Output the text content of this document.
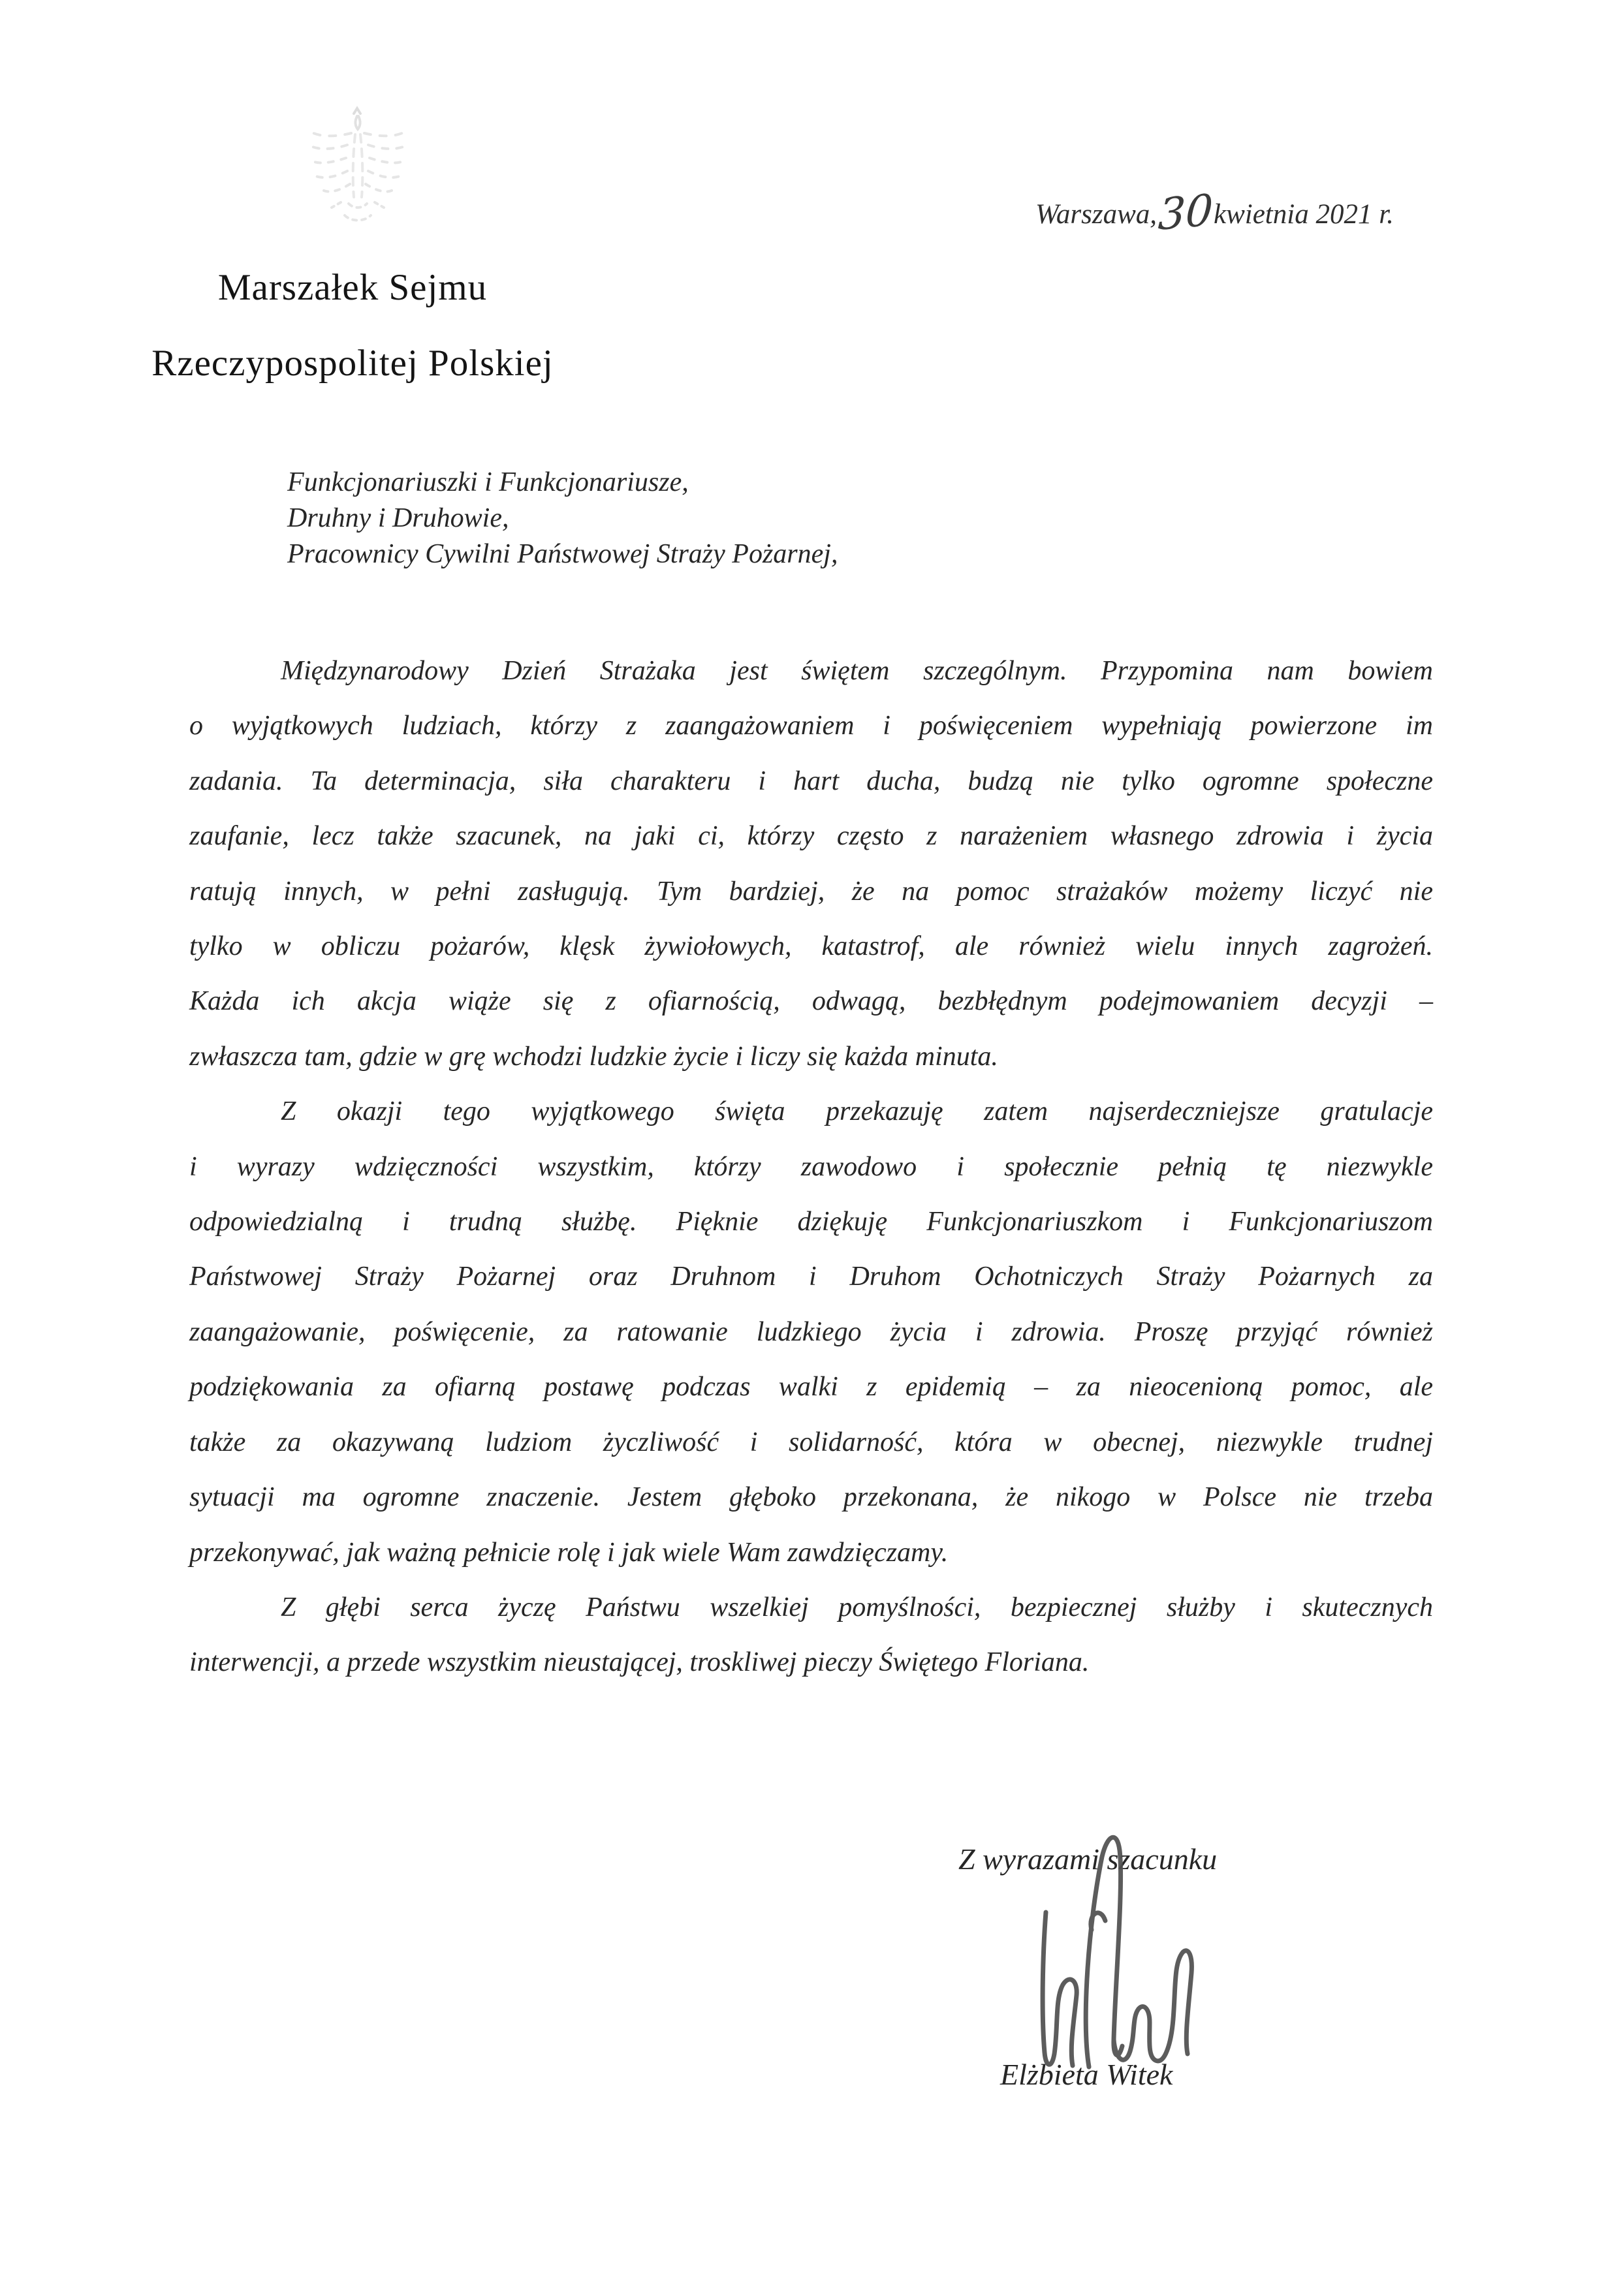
Marszałek Sejmu
Rzeczypospolitej Polskiej
Warszawa,30kwietnia 2021 r.
Funkcjonariuszki i Funkcjonariusze,
Druhny i Druhowie,
Pracownicy Cywilni Państwowej Straży Pożarnej,
Międzynarodowy Dzień Strażaka jest świętem szczególnym. Przypomina nam bowiem
o wyjątkowych ludziach, którzy z zaangażowaniem i poświęceniem wypełniają powierzone im
zadania. Ta determinacja, siła charakteru i hart ducha, budzą nie tylko ogromne społeczne
zaufanie, lecz także szacunek, na jaki ci, którzy często z narażeniem własnego zdrowia i życia
ratują innych, w pełni zasługują. Tym bardziej, że na pomoc strażaków możemy liczyć nie
tylko w obliczu pożarów, klęsk żywiołowych, katastrof, ale również wielu innych zagrożeń.
Każda ich akcja wiąże się z ofiarnością, odwagą, bezbłędnym podejmowaniem decyzji –
zwłaszcza tam, gdzie w grę wchodzi ludzkie życie i liczy się każda minuta.
Z okazji tego wyjątkowego święta przekazuję zatem najserdeczniejsze gratulacje
i wyrazy wdzięczności wszystkim, którzy zawodowo i społecznie pełnią tę niezwykle
odpowiedzialną i trudną służbę. Pięknie dziękuję Funkcjonariuszkom i Funkcjonariuszom
Państwowej Straży Pożarnej oraz Druhnom i Druhom Ochotniczych Straży Pożarnych za
zaangażowanie, poświęcenie, za ratowanie ludzkiego życia i zdrowia. Proszę przyjąć również
podziękowania za ofiarną postawę podczas walki z epidemią – za nieocenioną pomoc, ale
także za okazywaną ludziom życzliwość i solidarność, która w obecnej, niezwykle trudnej
sytuacji ma ogromne znaczenie. Jestem głęboko przekonana, że nikogo w Polsce nie trzeba
przekonywać, jak ważną pełnicie rolę i jak wiele Wam zawdzięczamy.
Z głębi serca życzę Państwu wszelkiej pomyślności, bezpiecznej służby i skutecznych
interwencji, a przede wszystkim nieustającej, troskliwej pieczy Świętego Floriana.
Z wyrazami szacunku
Elżbieta Witek
